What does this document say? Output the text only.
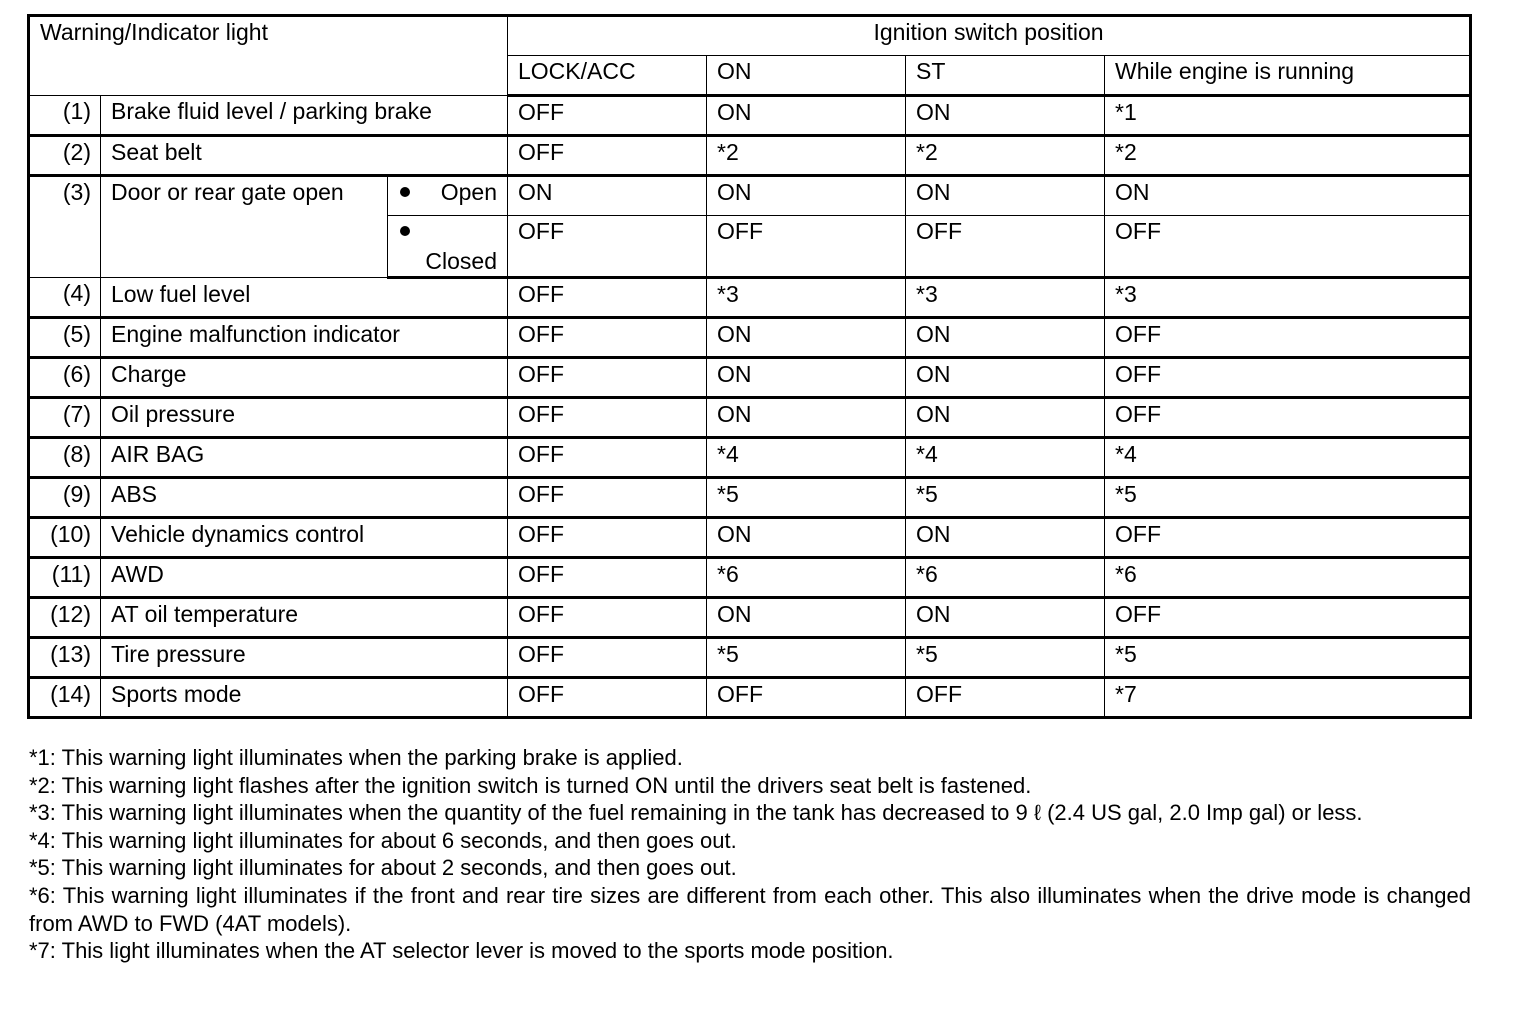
Warning/Indicator light			Ignition switch position			
			LOCK/ACC	ON	ST	While engine is running
(1)	Brake fluid level / parking brake		OFF	ON	ON	*1
(2)	Seat belt		OFF	*2	*2	*2
(3)	Door or rear gate open	Open	ON	ON	ON	ON

		Closed	OFF	OFF	OFF	OFF
(4)	Low fuel level		OFF	*3	*3	*3
(5)	Engine malfunction indicator		OFF	ON	ON	OFF
(6)	Charge		OFF	ON	ON	OFF
(7)	Oil pressure		OFF	ON	ON	OFF
(8)	AIR BAG		OFF	*4	*4	*4
(9)	ABS		OFF	*5	*5	*5
(10)	Vehicle dynamics control		OFF	ON	ON	OFF
(11)	AWD		OFF	*6	*6	*6
(12)	AT oil temperature		OFF	ON	ON	OFF
(13)	Tire pressure		OFF	*5	*5	*5
(14)	Sports mode		OFF	OFF	OFF	*7
*1: This warning light illuminates when the parking brake is applied.
*2: This warning light flashes after the ignition switch is turned ON until the drivers seat belt is fastened.
*3: This warning light illuminates when the quantity of the fuel remaining in the tank has decreased to 9 ℓ (2.4 US gal, 2.0 Imp gal) or less.
*4: This warning light illuminates for about 6 seconds, and then goes out.
*5: This warning light illuminates for about 2 seconds, and then goes out.
*6: This warning light illuminates if the front and rear tire sizes are different from each other. This also illuminates when the drive mode is changed from AWD to FWD (4AT models).
*7: This light illuminates when the AT selector lever is moved to the sports mode position.
